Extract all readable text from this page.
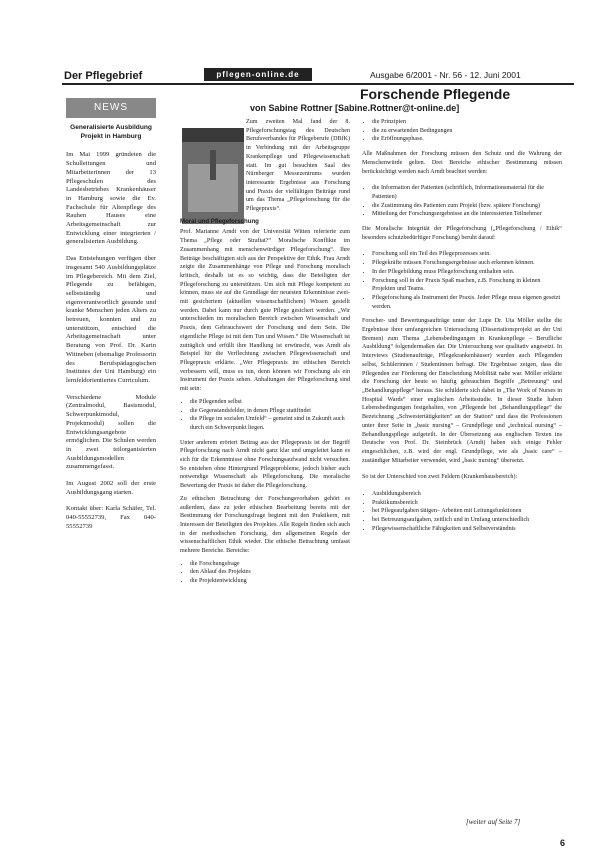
Der Pflegebrief	pflegen-online.de	Ausgabe 6/2001 - Nr. 56 - 12. Juni 2001
Forschende Pflegende
von Sabine Rottner [Sabine.Rottner@t-online.de]
NEWS
Generalisierte Ausbildung Projekt in Hamburg

Im Mai 1999 gründeten die Schulleitungen und Mitarbeiterinnen der 13 Pflegeschulen des Landesbetriebes Krankenhäuser in Hamburg sowie die Ev. Fachschule für Altenpflege des Rauhen Hauses eine Arbeitsgemeinschaft zur Entwicklung einer integrierten / generalisierten Ausbildung.

Das Entstehungen verfügen über insgesamt 540 Ausbildungsplätze im Pflegebereich. Mit dem Ziel, Pflegende zu befähigen, selbstständig und eigenverantwortlich gesunde und kranke Menschen jeden Alters zu betreuen, konnten und zu unterstützen, entschied die Arbeitsgemeinschaft unter Beratung von Prof. Dr. Karin Wittneben (ehemalige Professorin des Berufspädagogischen Institutes der Uni Hamburg) ein lernfeldorientiertes Curriculum.

Verschiedene Module (Zentralmodul, Basismodul, Schwerpunktmodul, Projektmodul) sollen die Entwicklungsangebote ermöglichen. Die Schulen werden in zwei teilorganisierten Ausbildungsmodellen zusammengefasst.

Im August 2002 soll der erste Ausbildungsgang starten.

Kontakt über: Karla Schäfer, Tel. 040-55552739, Fax 040-55552739

Zum zweiten Mal fand der 8. Pflegeforschungstag des Deutschen Berufsverbandes für Pflegeberufe (DBfK) in Verbindung mit der Arbeitsgruppe Krankenpflege und Pflegewissenschaft statt. Im gut besuchten Saal des Nürnberger Messezentrums wurden interessante Ergebnisse aus Forschung und Praxis der vielfältigen Beiträge rund um das Thema „Pflegeforschung für die Pflegepraxis“.

Moral und Pflegeforschung

Prof. Marianne Arndt von der Universität Witten referierte zum Thema „Pflege oder Straftat?“ Moralische Konflikte im Zusammenhang mit menschenwürdiger Pflegeforschung“. Ihre Beiträge beschäftigten sich aus der Perspektive der Ethik. Frau Arndt zeigte die Zusammenhänge von Pflege und Forschung moralisch kritisch, deshalb ist es so wichtig, dass die Beteiligten der Pflegeforschung zu unterstützen. Um sich mit Pflege kompetent zu können, muss sie auf die Grundlage der neuesten Erkenntnisse zwei- mit gesichertem (aktuellen wissenschaftlichem) Wissen gestellt werden. Dabei kann nur durch gute Pflege gesichert werden. „Wir unterschieden im moralischen Bereich zwischen Wissenschaft und Praxis, dem Gebrauchswert der Forschung und dem Sein. Die eigentliche Pflege ist mit dem Tun und Wissen.“ Die Wissenschaft ist zuträglich und erfüllt ihre Handlung ist erwünscht, was Arndt als Beispiel für die Verflechtung zwischen Pflegewissenschaft und Pflegepraxis erklärte. „Wer Pflegepraxis im ethischen Bereich verbessern will, muss es tun, denn können wir Forschung als ein Instrument der Praxis sehen. Anhaltungen der Pflegeforschung sind mit sein:

• die Pflegenden selbst
• die Gegenstandsfelder, in denen Pflege stattfindet
• die Pflege im sozialen Umfeld“ – gemeint sind in Zukunft auch durch ein Schwerpunkt liegen.

Unter anderem erörtert Beitrag aus der Pflegepraxis ist der Begriff Pflegeforschung nach Arndt nicht ganz klar und umgeleitet kann es sich für die Erkenntnisse ohne Forschungsaufwand nicht versuchen. So entstehen ohne Hintergrund Pflegeprobleme, jedoch bisher auch notwendige Wissenschaft als Pflegeforschung. Die moralische Bewertung der Praxis ist daher die Pflegeforschung.

Zu ethischen Betrachtung der Forschungsvorhaben gehört es außerdem, dass zu jeder ethischen Bearbeitung bereits mit der Bestimmung der Forschungsfrage beginnt mit den Praktikern, mit Interessen der Beteiligten des Projektes. Alle Regeln finden sich auch in der methodischen Forschung, den allgemeinen Regeln der wissenschaftlichen Ethik wieder. Die ethische Betrachtung umfasst mehrere Bereiche. Bereiche:

• die Forschungsfrage
• den Ablauf des Projektes
• die Projektentwicklung
• die Prinzipien
• die zu erwartenden Bedingungen
• die Eröffnungsphase.

Alle Maßnahmen der Forschung müssen den Schutz und die Wahrung der Menschenwürde gelten. Drei Bereiche ethischer Bestimmung müssen berücksichtigt werden nach Arndt beachtet werden:

• die Information der Patienten (schriftlich, Informationsmaterial für die Patienten)
• die Zustimmung des Patienten zum Projekt (bzw. spätere Forschung)
• Mitteilung der Forschungsergebnisse an die interessierten Teilnehmer

Die Moralische Integrität der Pflegeforschung („Pflegeforschung / Ethik“ besonders schutzbedürftiger Forschung) beruht darauf:

• Forschung soll ein Teil des Pflegeprozesses sein.
• Pflegekräfte müssen Forschungsergebnisse auch erkennen können.
• In der Pflegebildung muss Pflegeforschung enthalten sein.
• Forschung soll in der Praxis Spaß machen, z.B. Forschung in kleinen Projekten und Teams.
• Pflegeforschung als Instrument der Praxis. Jeder Pflege muss eigenen gesetzt werden.

Forscher- und Bewertungsaufträge unter der Lupe Dr. Uta Möller stellte die Ergebnisse ihrer umfangreichen Untersuchung (Dissertationsprojekt an der Uni Bremen) zum Thema „Lebensbedingungen in Krankenpflege – Berufliche Ausbildung“ folgendermaßen dar. Die Untersuchung war qualitativ angesetzt. In Interviews (Studienaufträge, Pflegekrankenhäuser) wurden auch Pflegenden selbst, Schülerinnen / Studentinnen befragt. Die Ergebnisse zeigen, dass die Pflegenden zur Förderung der Entscheidung Mobilität nahe war. Möller erklärte die Forschung der heute so häufig gebrauchten Begriffe „Betreuung“ und „Behandlungspflege“ heraus. Sie schilderte sich dabei in „The Work of Nurses in Hospital Wards“ einer englischen Arbeitsstudie. In dieser Studie haben Lebensbedingungen festgehalten, von „Pflegende bei „Behandlungspflege“ die Bezeichnung „Schwestertätigkeiten“ an der Station“ und dass die Professionen unter ihrer Seite in „basic nursing“ – Grundpflege und „technical nursing“ – Behandlungspflege aufgeteilt. In der Übersetzung aus englischen Texten ins Deutsche von Prof. Dr. Steinbrück (Arndt) haben sich einige Fehler eingeschlichen, z.B. wird der engl. Grundpflege, wie als „basic care“ – zuständiger Mitarbeiter verwendet, wird „basic nursing“ übersetzt.

So ist der Unterschied von zwei Feldern (Krankenhausbereich):

• Ausbildungsbereich
• Praktikumsbereich
• bei Pflegeaufgaben tätigen– Arbeiten mit Leitungsfunktionen
• bei Betreuungsaufgaben, zeitlich und in Umfang unterschiedlich
• Pflegewissenschaftliche Fähigkeiten und Selbstverständnis
[weiter auf Seite 7]
6
